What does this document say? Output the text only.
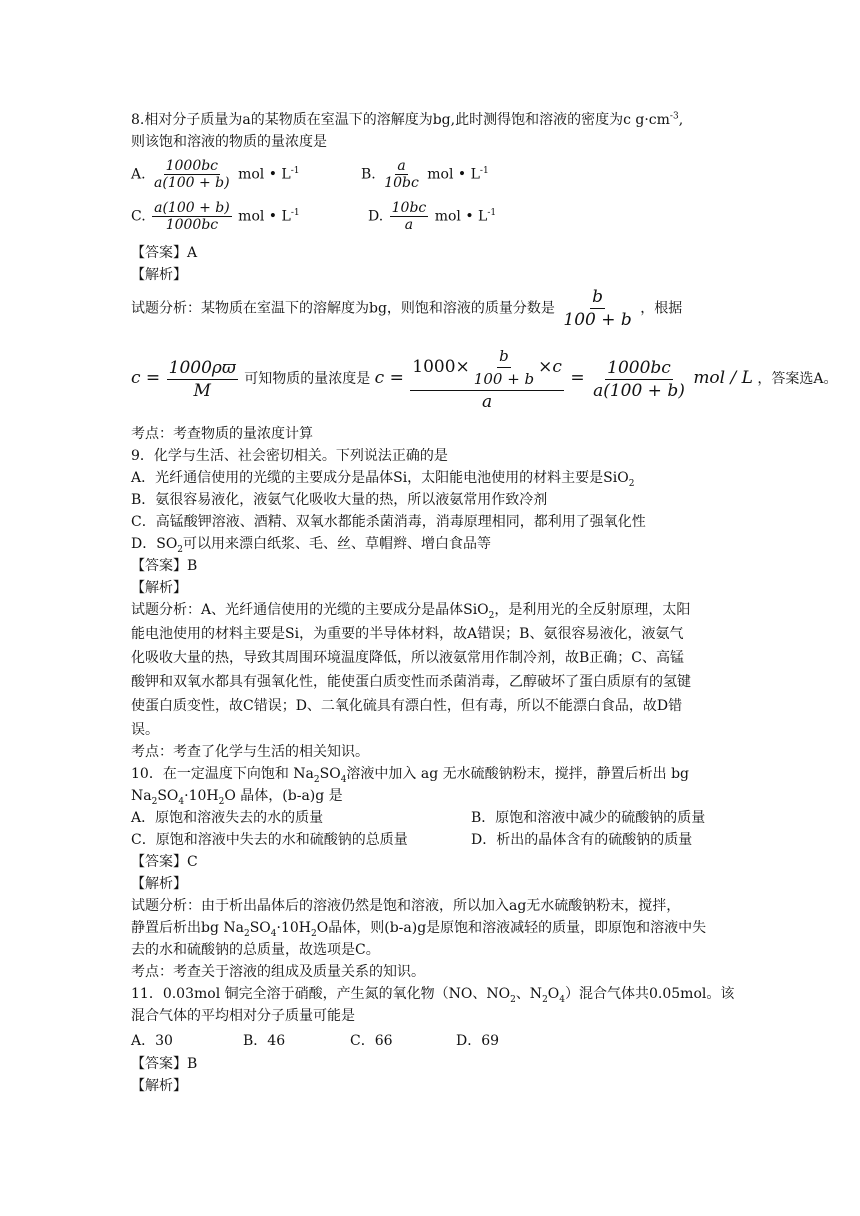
8.相对分子质量为a的某物质在室温下的溶解度为bg,此时测得饱和溶液的密度为c $g\cdot cm^{-3}$,
则该饱和溶液的物质的量浓度是
A. $\frac{1000bc}{a(100 + b)}$ mol • $L^{-1}$	B. $\frac{a}{10bc}$ mol • $L^{-1}$
C. $\frac{a(100 + b)}{1000bc}$ mol • $L^{-1}$	D. $\frac{10bc}{a}$ mol • $L^{-1}$
【答案】A
【解析】
试题分析：某物质在室温下的溶解度为bg，则饱和溶液的质量分数是 $\frac{b}{100 + b}$ ，根据
$c = \frac{1000\rho ϖ}{M}$ 可知物质的量浓度是 $c = \frac{1000\times \frac{b}{100 + b} \times c}{a} = \frac{1000bc}{a(100 + b)}$ mol / L ，答案选A。
考点：考查物质的量浓度计算
9．化学与生活、社会密切相关。下列说法正确的是
A．光纤通信使用的光缆的主要成分是晶体Si，太阳能电池使用的材料主要是SiO$_2$
B．氨很容易液化，液氨气化吸收大量的热，所以液氨常用作致冷剂
C．高锰酸钾溶液、酒精、双氧水都能杀菌消毒，消毒原理相同，都利用了强氧化性
D．$SO_2$可以用来漂白纸浆、毛、丝、草帽辫、增白食品等
【答案】B
【解析】
试题分析：A、光纤通信使用的光缆的主要成分是晶体SiO$_2$，是利用光的全反射原理，太阳
能电池使用的材料主要是Si，为重要的半导体材料，故A错误；B、氨很容易液化，液氨气
化吸收大量的热，导致其周围环境温度降低，所以液氨常用作制冷剂，故B正确；C、高锰
酸钾和双氧水都具有强氧化性，能使蛋白质变性而杀菌消毒，乙醇破坏了蛋白质原有的氢键
使蛋白质变性，故C错误；D、二氧化硫具有漂白性，但有毒，所以不能漂白食品，故D错
误。
考点：考查了化学与生活的相关知识。
10．在一定温度下向饱和 $Na_2SO_4$溶液中加入 ag 无水硫酸钠粉末，搅拌，静置后析出 bg
$Na_2SO_4\cdot 10H_2O$ 晶体，(b-a)g 是
A．原饱和溶液失去的水的质量	B．原饱和溶液中减少的硫酸钠的质量
C．原饱和溶液中失去的水和硫酸钠的总质量	D．析出的晶体含有的硫酸钠的质量
【答案】C
【解析】
试题分析：由于析出晶体后的溶液仍然是饱和溶液，所以加入ag无水硫酸钠粉末，搅拌，
静置后析出bg $Na_2SO_4\cdot 10H_2O$晶体，则(b-a)g是原饱和溶液减轻的质量，即原饱和溶液中失
去的水和硫酸钠的总质量，故选项是C。
考点：考查关于溶液的组成及质量关系的知识。
11．0.03mol 铜完全溶于硝酸，产生氮的氧化物（NO、$NO_2$、$N_2O_4$）混合气体共0.05mol。该
混合气体的平均相对分子质量可能是
A．30	B．46	C．66	D．69
【答案】B
【解析】
